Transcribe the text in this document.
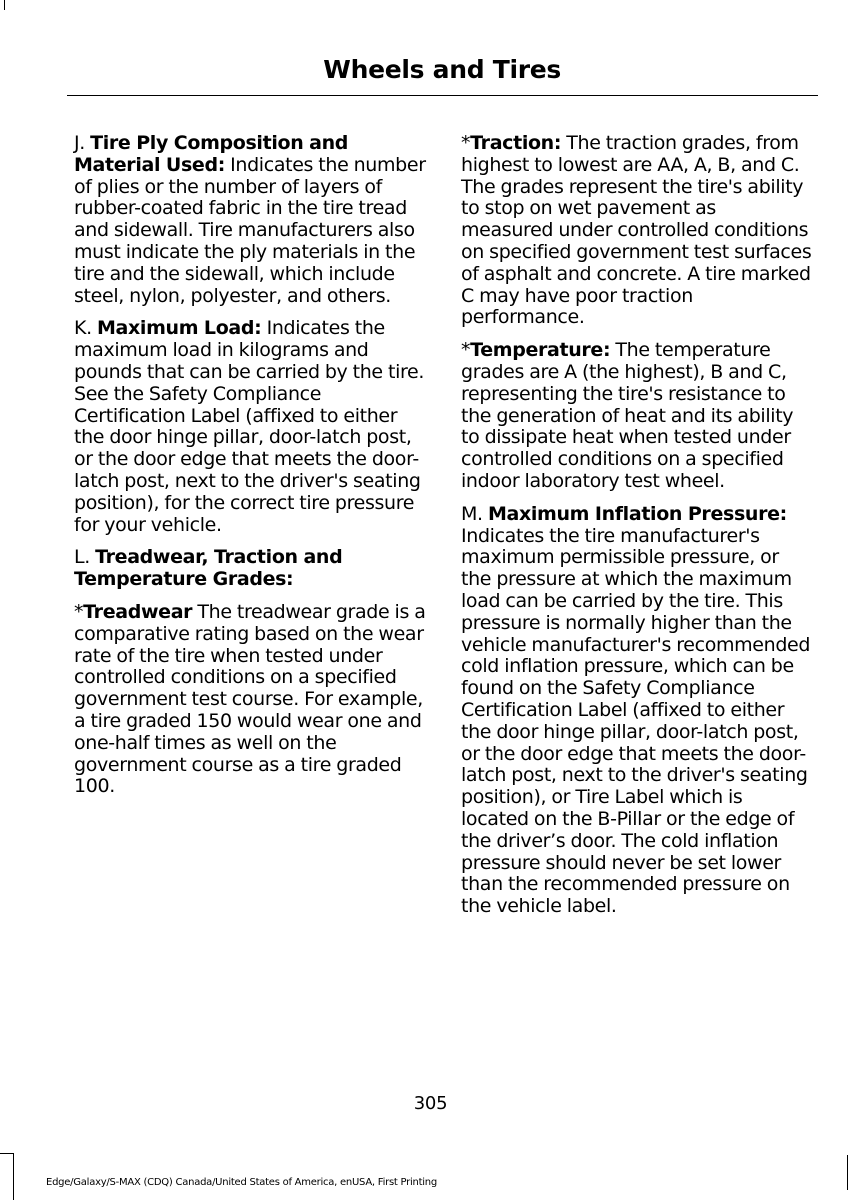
Wheels and Tires

J. Tire Ply Composition and Material Used: Indicates the number of plies or the number of layers of rubber-coated fabric in the tire tread and sidewall. Tire manufacturers also must indicate the ply materials in the tire and the sidewall, which include steel, nylon, polyester, and others.

K. Maximum Load: Indicates the maximum load in kilograms and pounds that can be carried by the tire. See the Safety Compliance Certification Label (affixed to either the door hinge pillar, door-latch post, or the door edge that meets the door-latch post, next to the driver's seating position), for the correct tire pressure for your vehicle.

L. Treadwear, Traction and Temperature Grades:

*Treadwear The treadwear grade is a comparative rating based on the wear rate of the tire when tested under controlled conditions on a specified government test course. For example, a tire graded 150 would wear one and one-half times as well on the government course as a tire graded 100.

*Traction: The traction grades, from highest to lowest are AA, A, B, and C. The grades represent the tire's ability to stop on wet pavement as measured under controlled conditions on specified government test surfaces of asphalt and concrete. A tire marked C may have poor traction performance.

*Temperature: The temperature grades are A (the highest), B and C, representing the tire's resistance to the generation of heat and its ability to dissipate heat when tested under controlled conditions on a specified indoor laboratory test wheel.

M. Maximum Inflation Pressure: Indicates the tire manufacturer's maximum permissible pressure, or the pressure at which the maximum load can be carried by the tire. This pressure is normally higher than the vehicle manufacturer's recommended cold inflation pressure, which can be found on the Safety Compliance Certification Label (affixed to either the door hinge pillar, door-latch post, or the door edge that meets the door-latch post, next to the driver's seating position), or Tire Label which is located on the B-Pillar or the edge of the driver’s door. The cold inflation pressure should never be set lower than the recommended pressure on the vehicle label.

305
Edge/Galaxy/S-MAX (CDQ) Canada/United States of America, enUSA, First Printing
